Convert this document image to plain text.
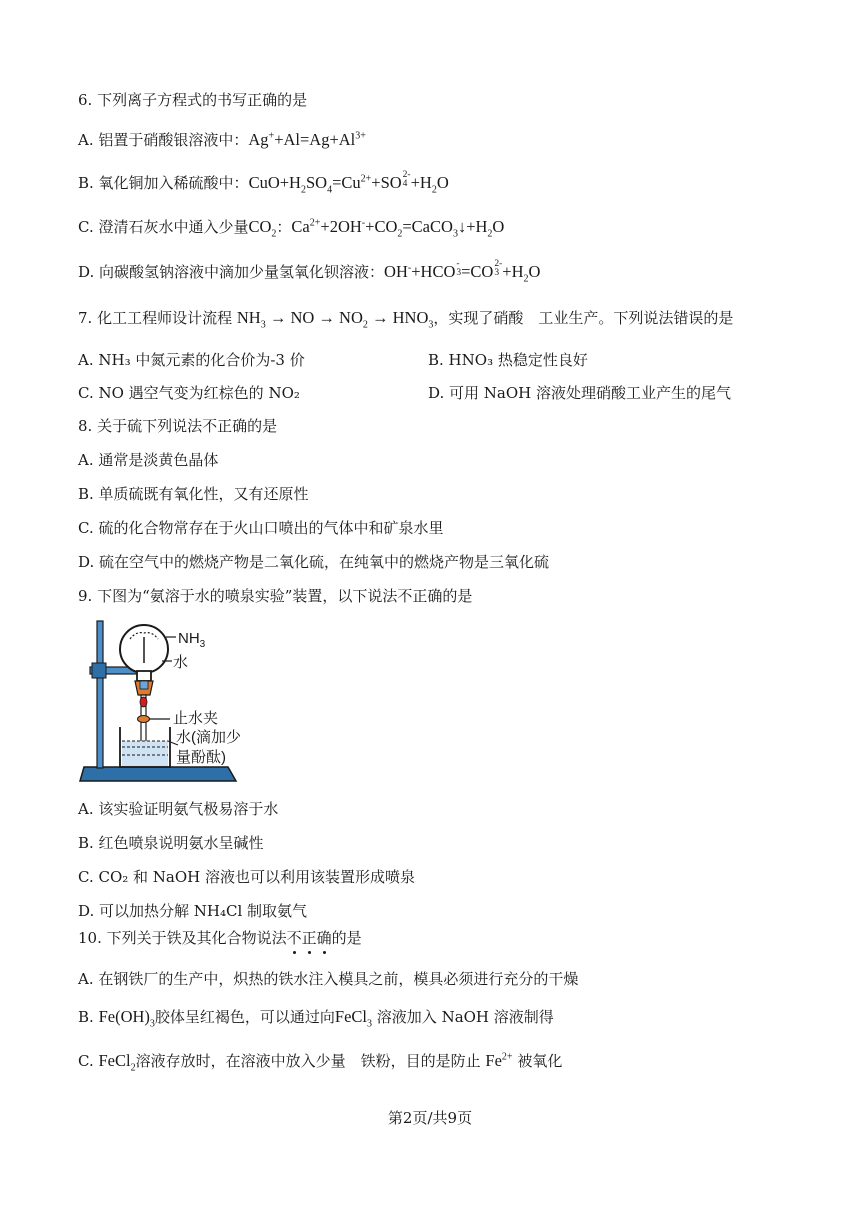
6. 下列离子方程式的书写正确的是
A. 铝置于硝酸银溶液中：$Ag^++Al=Ag+Al^{3+}$
B. 氧化铜加入稀硫酸中：$CuO+H_2SO_4=Cu^{2+}+SO$ $^{2- 4} +H_2O$
C. 澄清石灰水中通入少量$CO_2$：$Ca^{2+}+2OH^-+CO_2=CaCO_3↓+H_2O$
D. 向碳酸氢钠溶液中滴加少量氢氧化钡溶液：OH-+HCO $^{- 3}$ =CO $^{2- 3} +H_2O$
7. 化工工程师设计流程 $NH_3$ → NO → $NO_2 \to HNO_3$，实现了硝酸　工业生产。下列说法错误的是
A. NH₃ 中氮元素的化合价为-3 价	B. HNO₃ 热稳定性良好
C. NO 遇空气变为红棕色的 NO₂	D. 可用 NaOH 溶液处理硝酸工业产生的尾气
8. 关于硫下列说法不正确的是
A. 通常是淡黄色晶体
B. 单质硫既有氧化性，又有还原性
C. 硫的化合物常存在于火山口喷出的气体中和矿泉水里
D. 硫在空气中的燃烧产物是二氧化硫，在纯氧中的燃烧产物是三氧化硫
9. 下图为“氨溶于水的喷泉实验”装置，以下说法不正确的是
$NH_3$
水
止水夹
水(滴加少
量酚酞)
A. 该实验证明氨气极易溶于水
B. 红色喷泉说明氨水呈碱性
C. CO₂ 和 NaOH 溶液也可以利用该装置形成喷泉
D. 可以加热分解 NH₄Cl 制取氨气
10. 下列关于铁及其化合物说法不正确的是
A. 在钢铁厂的生产中，炽热的铁水注入模具之前，模具必须进行充分的干燥
B. $Fe(OH)_3$胶体呈红褐色，可以通过向FeCl$_3$ 溶液加入 NaOH 溶液制得
C. FeCl$_2$溶液存放时，在溶液中放入少量　铁粉，目的是防止 $Fe^{2+}$ 被氧化
第2页/共9页
